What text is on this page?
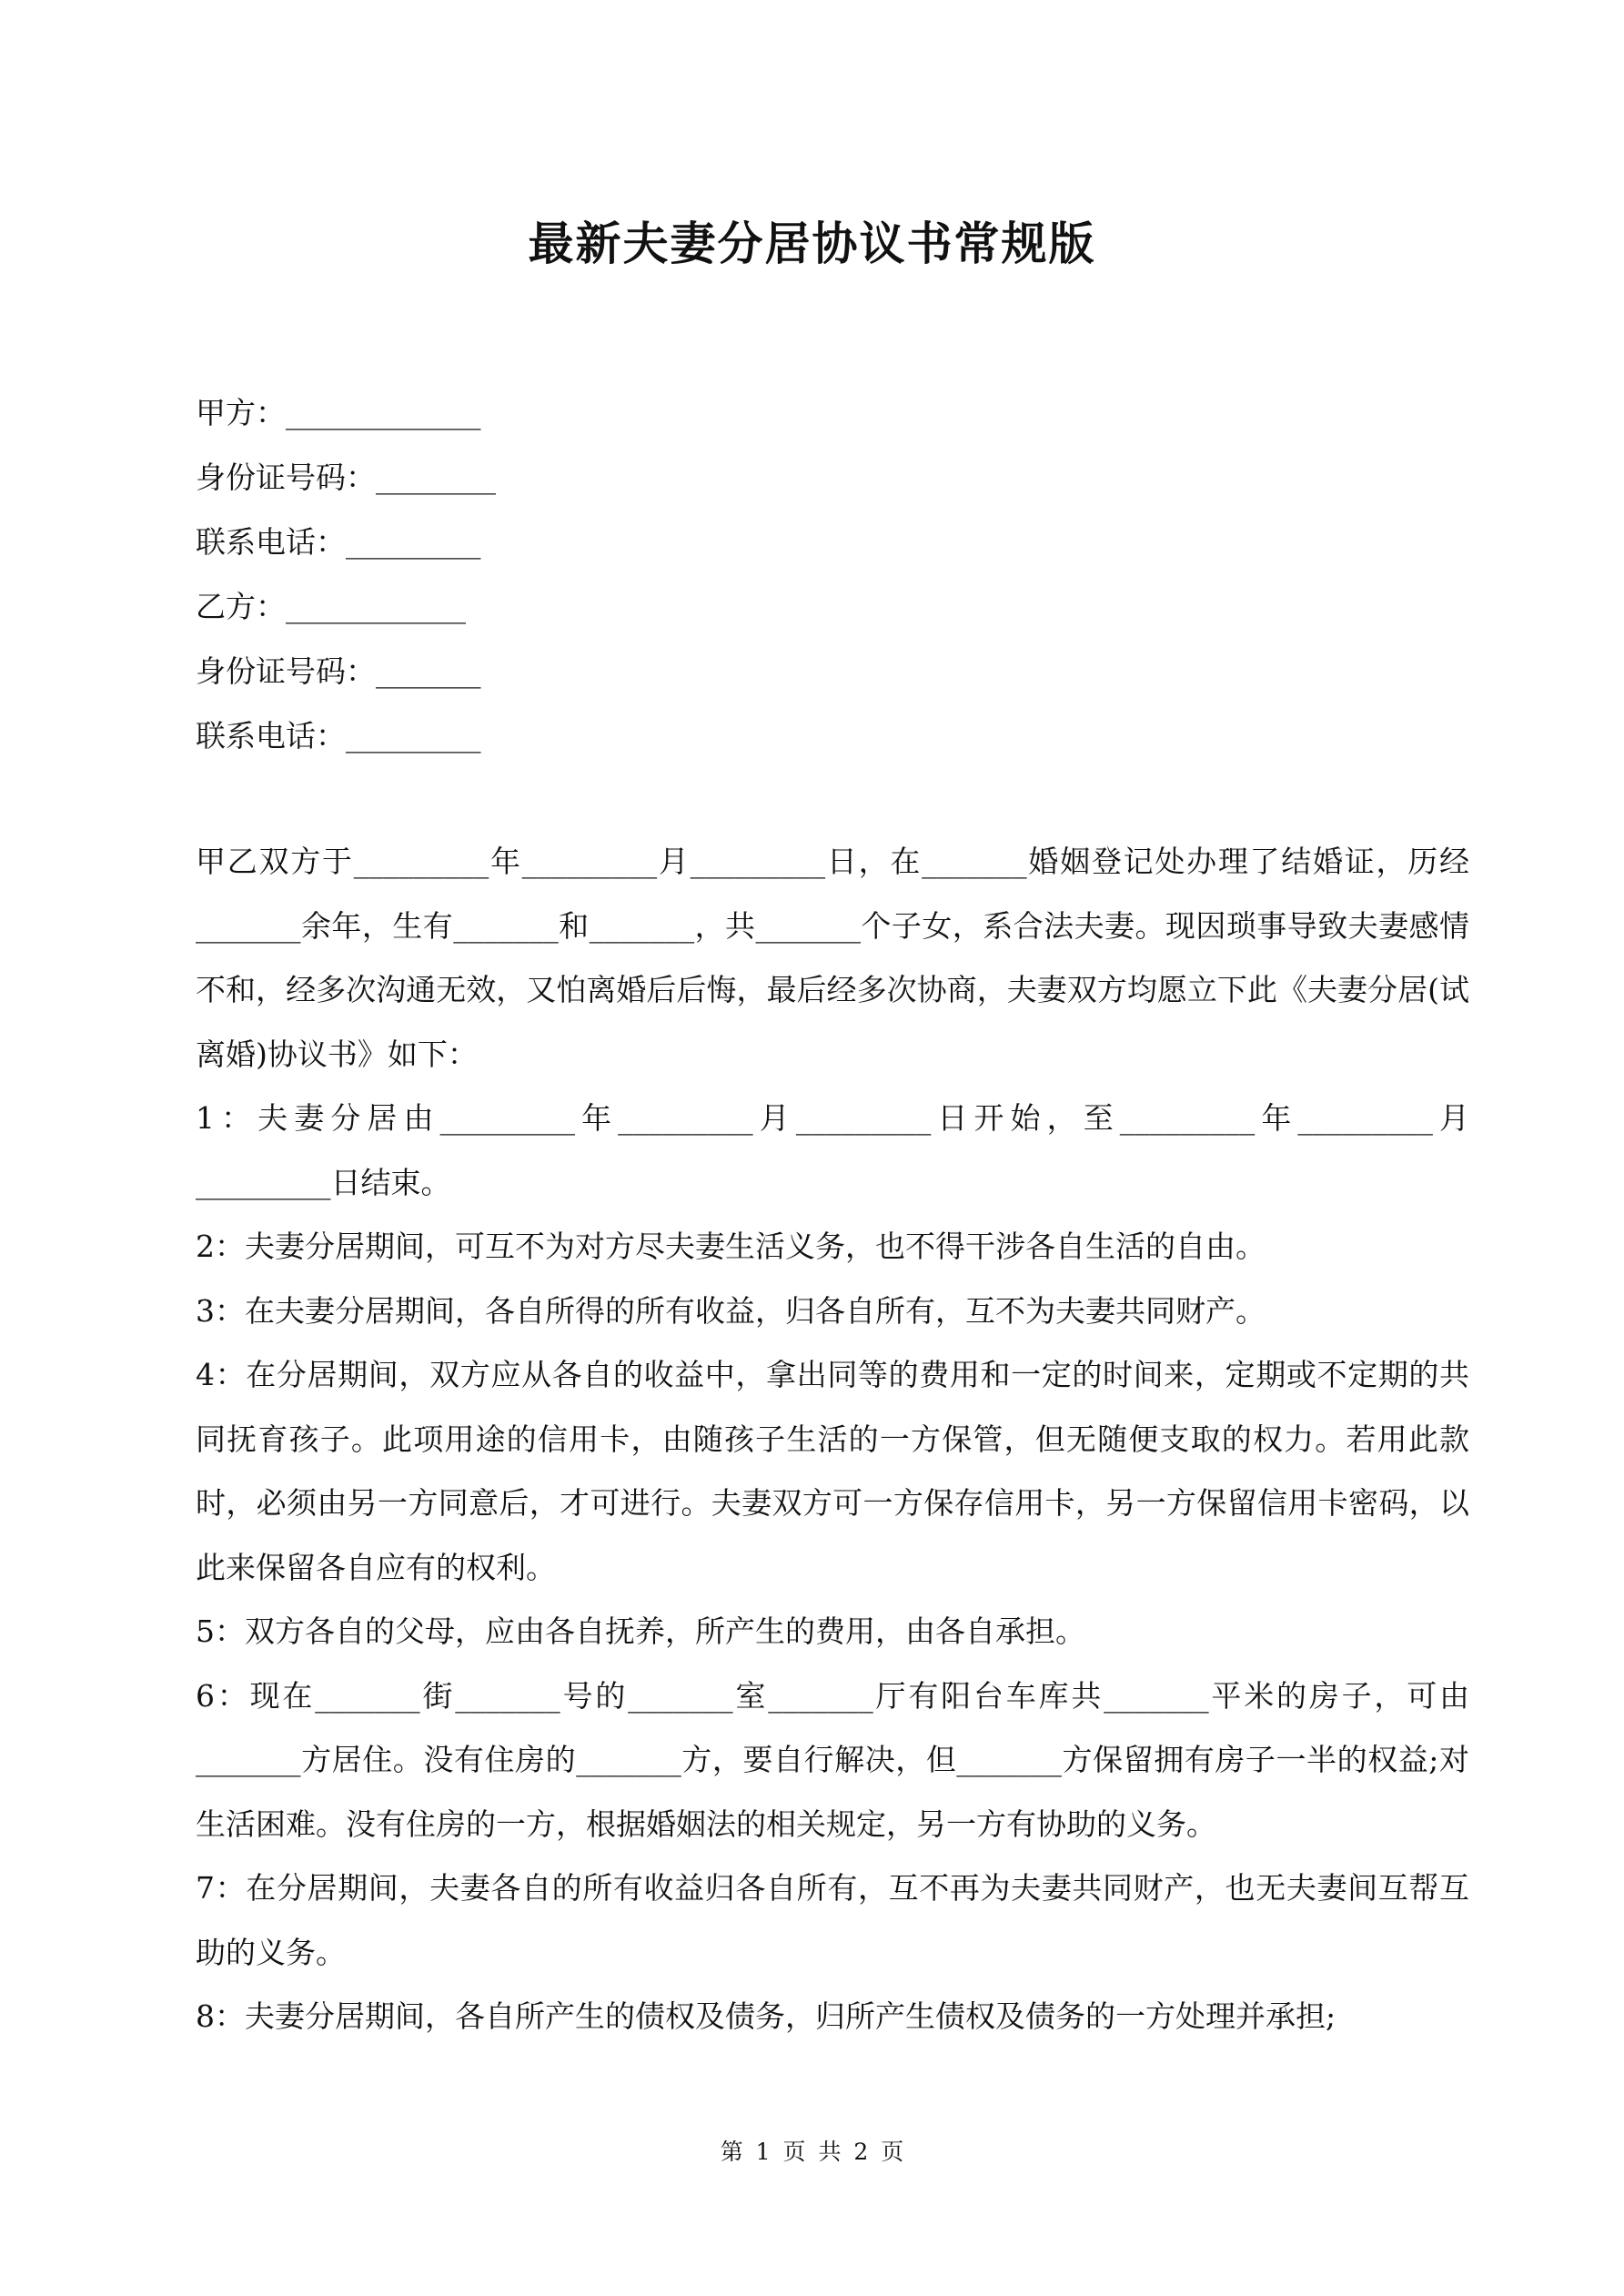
最新夫妻分居协议书常规版
甲方：_____________
身份证号码：________
联系电话：_________
乙方：____________
身份证号码：_______
联系电话：_________

甲乙双方于_________年_________月_________日，在_______婚姻登记处办理了结婚证，历经_______余年，生有_______和_______，共_______个子女，系合法夫妻。现因琐事导致夫妻感情不和，经多次沟通无效，又怕离婚后后悔，最后经多次协商，夫妻双方均愿立下此《夫妻分居(试离婚)协议书》如下：

1：夫妻分居由_________年_________月_________日开始，至_________年_________月_________日结束。

2：夫妻分居期间，可互不为对方尽夫妻生活义务，也不得干涉各自生活的自由。

3：在夫妻分居期间，各自所得的所有收益，归各自所有，互不为夫妻共同财产。

4：在分居期间，双方应从各自的收益中，拿出同等的费用和一定的时间来，定期或不定期的共同抚育孩子。此项用途的信用卡，由随孩子生活的一方保管，但无随便支取的权力。若用此款时，必须由另一方同意后，才可进行。夫妻双方可一方保存信用卡，另一方保留信用卡密码，以此来保留各自应有的权利。

5：双方各自的父母，应由各自抚养，所产生的费用，由各自承担。

6：现在_______街_______号的_______室_______厅有阳台车库共_______平米的房子，可由_______方居住。没有住房的_______方，要自行解决，但_______方保留拥有房子一半的权益;对生活困难。没有住房的一方，根据婚姻法的相关规定，另一方有协助的义务。

7：在分居期间，夫妻各自的所有收益归各自所有，互不再为夫妻共同财产，也无夫妻间互帮互助的义务。

8：夫妻分居期间，各自所产生的债权及债务，归所产生债权及债务的一方处理并承担;

第 1 页 共 2 页
